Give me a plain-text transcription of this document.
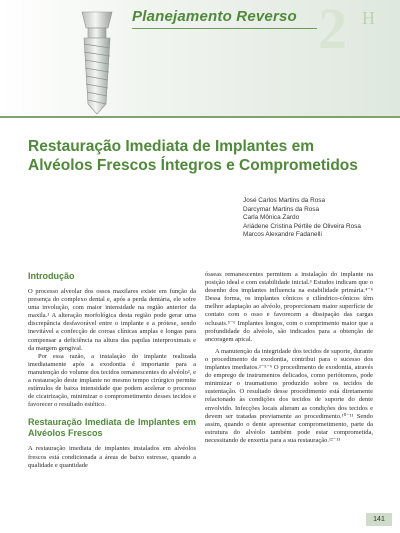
Planejamento Reverso 2 H
Restauração Imediata de Implantes em Alvéolos Frescos Íntegros e Comprometidos
José Carlos Martins da Rosa
Darcymar Martins da Rosa
Carla Mônica Zardo
Ariádene Cristina Pértile de Oliveira Rosa
Marcos Alexandre Fadanelli
Introdução

O processo alveolar dos ossos maxilares existe em função da presença do complexo dental e, após a perda dentária, ele sofre uma involução, com maior intensidade na região anterior da maxila.¹ A alteração morfológica desta região pode gerar uma discrepância desfavorável entre o implante e a prótese, sendo inevitável a confecção de coroas clínicas amplas e longas para compensar a deficiência na altura das papilas interproximais e da margem gengival.

Por essa razão, a instalação do implante realizada imediatamente após a exodontia é importante para a manutenção do volume dos tecidos remanescentes do alvéolo², e a restauração deste implante no mesmo tempo cirúrgico permite estímulos de baixa intensidade que podem acelerar o processo de cicatrização, minimizar o comprometimento desses tecidos e favorecer o resultado estético.

Restauração Imediata de Implantes em Alvéolos Frescos

A restauração imediata de implantes instalados em alvéolos frescos está condicionada a áreas de baixo estresse, quando a qualidade e quantidade

ósseas remanescentes permitem a instalação do implante na posição ideal e com estabilidade inicial.³ Estudos indicam que o desenho dos implantes influencia na estabilidade primária.⁴⁻⁶ Dessa forma, os implantes cônicos e cilíndrico-cônicos têm melhor adaptação ao alvéolo, proporcionam maior superfície de contato com o osso e favorecem a dissipação das cargas oclusais.⁵⁻⁶ Implantes longos, com o comprimento maior que a profundidade do alvéolo, são indicados para a obtenção de ancoragem apical.

A manutenção da integridade dos tecidos de suporte, durante o procedimento de exodontia, contribui para o sucesso dos implantes imediatos.²⁻⁵⁻⁶ O procedimento de exodontia, através do emprego de instrumentos delicados, como periótomos, pode minimizar o traumatismo produzido sobre os tecidos de sustentação. O resultado desse procedimento está diretamente relacionado às condições dos tecidos de suporte do dente envolvido. Infecções locais alteram as condições dos tecidos e devem ser tratadas previamente ao procedimento.¹⁰⁻¹¹ Sendo assim, quando o dente apresentar comprometimento, parte da estrutura do alvéolo também pode estar comprometida, necessitando de enxertia para a sua restauração.¹²⁻¹³

141
